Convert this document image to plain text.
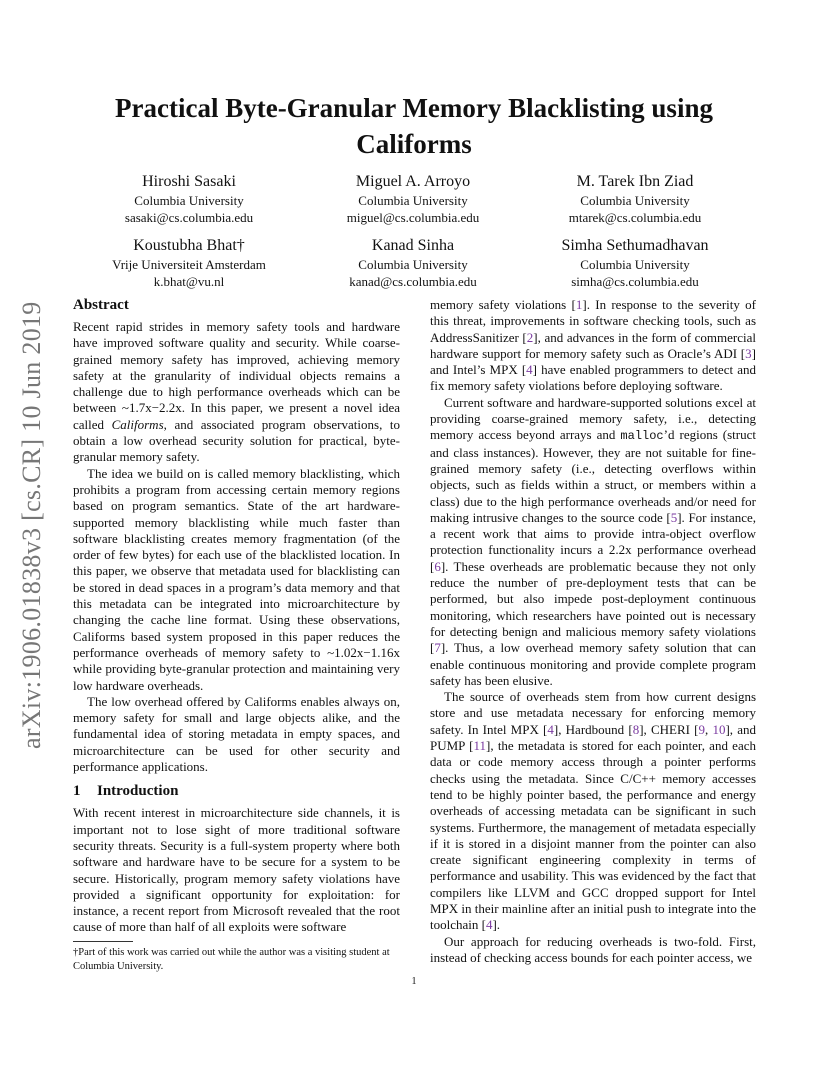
Practical Byte-Granular Memory Blacklisting using Califorms
Hiroshi Sasaki
Columbia University
sasaki@cs.columbia.edu
Miguel A. Arroyo
Columbia University
miguel@cs.columbia.edu
M. Tarek Ibn Ziad
Columbia University
mtarek@cs.columbia.edu
Koustubha Bhat†
Vrije Universiteit Amsterdam
k.bhat@vu.nl
Kanad Sinha
Columbia University
kanad@cs.columbia.edu
Simha Sethumadhavan
Columbia University
simha@cs.columbia.edu
arXiv:1906.01838v3 [cs.CR] 10 Jun 2019	Abstract

Recent rapid strides in memory safety tools and hardware have improved software quality and security. While coarse-grained memory safety has improved, achieving memory safety at the granularity of individual objects remains a challenge due to high performance overheads which can be between ~1.7x−2.2x. In this paper, we present a novel idea called Califorms, and associated program observations, to obtain a low overhead security solution for practical, byte-granular memory safety.

The idea we build on is called memory blacklisting, which prohibits a program from accessing certain memory regions based on program semantics. State of the art hardware-supported memory blacklisting while much faster than software blacklisting creates memory fragmentation (of the order of few bytes) for each use of the blacklisted location. In this paper, we observe that metadata used for blacklisting can be stored in dead spaces in a program’s data memory and that this metadata can be integrated into microarchitecture by changing the cache line format. Using these observations, Califorms based system proposed in this paper reduces the performance overheads of memory safety to ~1.02x−1.16x while providing byte-granular protection and maintaining very low hardware overheads.

The low overhead offered by Califorms enables always on, memory safety for small and large objects alike, and the fundamental idea of storing metadata in empty spaces, and microarchitecture can be used for other security and performance applications.

1 Introduction

With recent interest in microarchitecture side channels, it is important not to lose sight of more traditional software security threats. Security is a full-system property where both software and hardware have to be secure for a system to be secure. Historically, program memory safety violations have provided a significant opportunity for exploitation: for instance, a recent report from Microsoft revealed that the root cause of more than half of all exploits were software

memory safety violations [1]. In response to the severity of this threat, improvements in software checking tools, such as AddressSanitizer [2], and advances in the form of commercial hardware support for memory safety such as Oracle’s ADI [3] and Intel’s MPX [4] have enabled programmers to detect and fix memory safety violations before deploying software.

Current software and hardware-supported solutions excel at providing coarse-grained memory safety, i.e., detecting memory access beyond arrays and malloc’d regions (struct and class instances). However, they are not suitable for fine-grained memory safety (i.e., detecting overflows within objects, such as fields within a struct, or members within a class) due to the high performance overheads and/or need for making intrusive changes to the source code [5]. For instance, a recent work that aims to provide intra-object overflow protection functionality incurs a 2.2x performance overhead [6]. These overheads are problematic because they not only reduce the number of pre-deployment tests that can be performed, but also impede post-deployment continuous monitoring, which researchers have pointed out is necessary for detecting benign and malicious memory safety violations [7]. Thus, a low overhead memory safety solution that can enable continuous monitoring and provide complete program safety has been elusive.

The source of overheads stem from how current designs store and use metadata necessary for enforcing memory safety. In Intel MPX [4], Hardbound [8], CHERI [9, 10], and PUMP [11], the metadata is stored for each pointer, and each data or code memory access through a pointer performs checks using the metadata. Since C/C++ memory accesses tend to be highly pointer based, the performance and energy overheads of accessing metadata can be significant in such systems. Furthermore, the management of metadata especially if it is stored in a disjoint manner from the pointer can also create significant engineering complexity in terms of performance and usability. This was evidenced by the fact that compilers like LLVM and GCC dropped support for Intel MPX in their mainline after an initial push to integrate into the toolchain [4].

Our approach for reducing overheads is two-fold. First, instead of checking access bounds for each pointer access, we

†Part of this work was carried out while the author was a visiting student at Columbia University.
1
